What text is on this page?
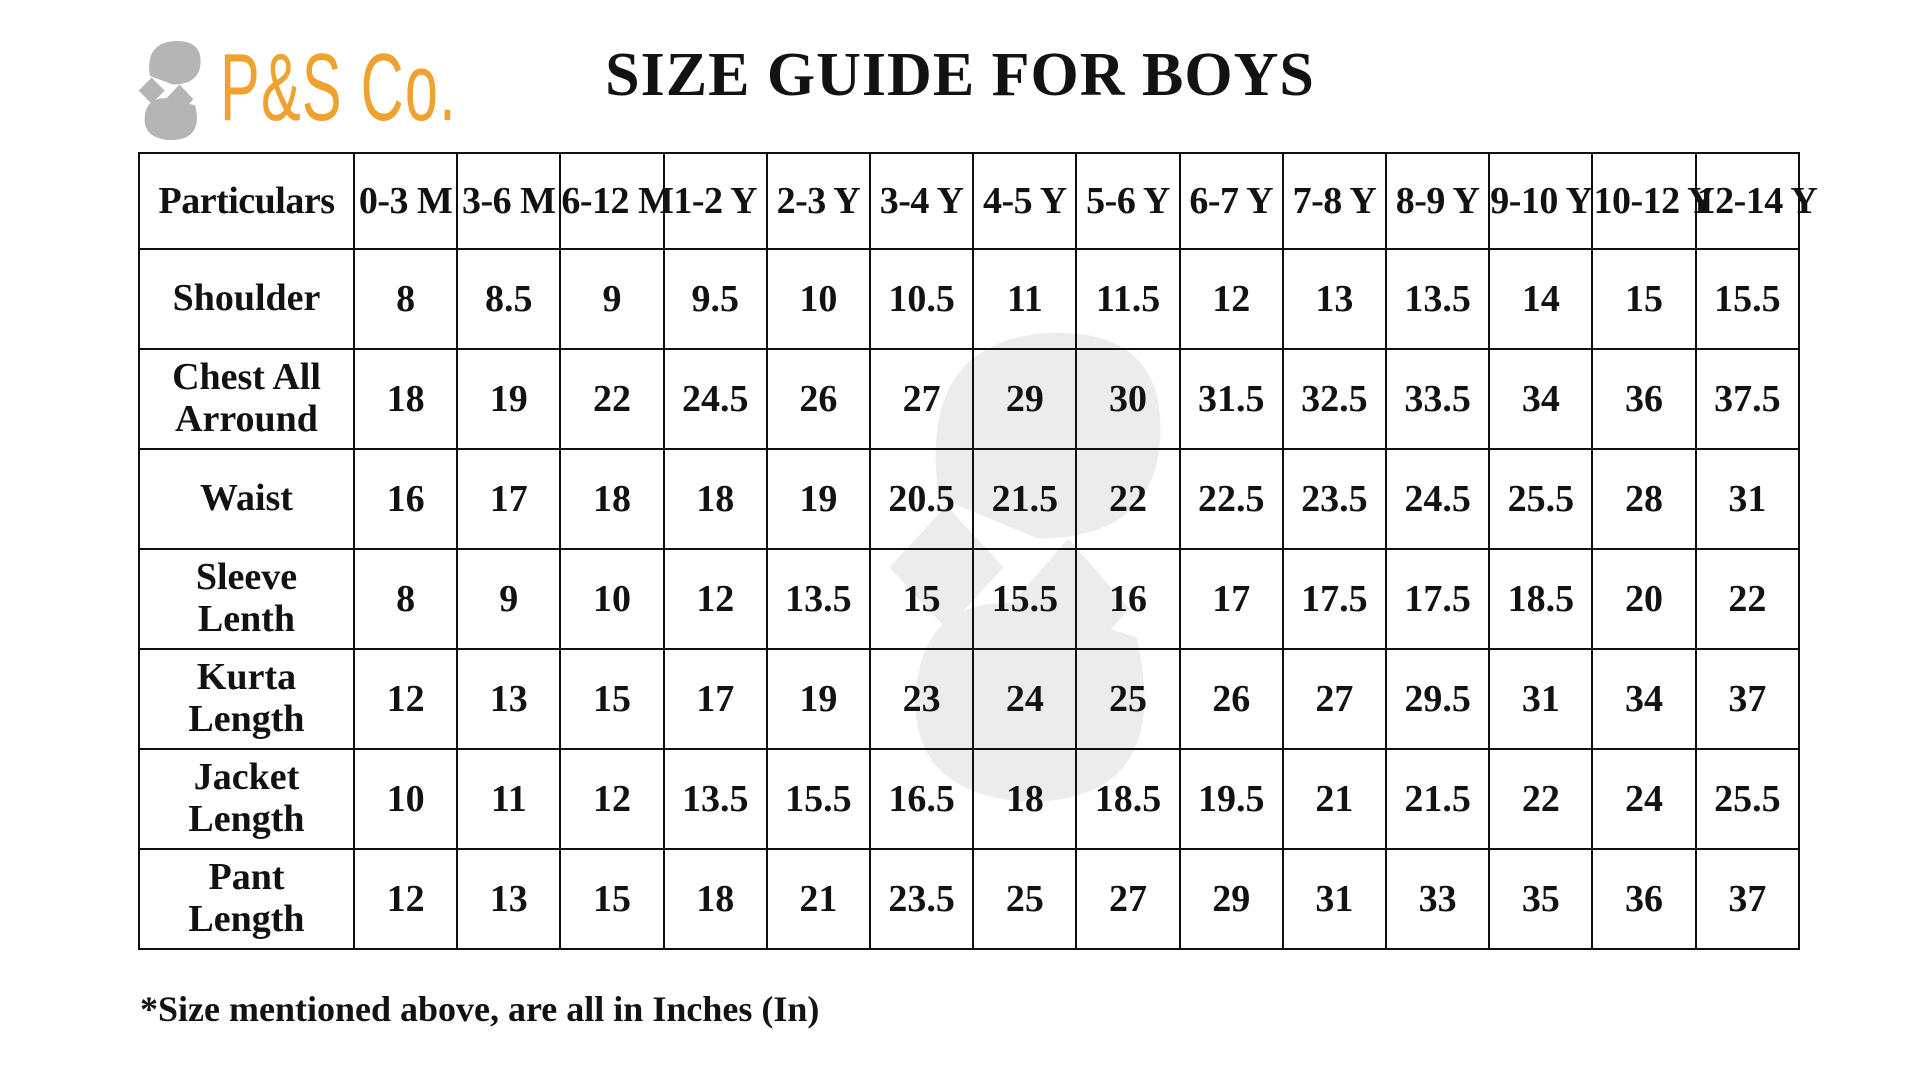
P&S Co.	SIZE GUIDE FOR BOYS
Particulars	0-3 M	3-6 M	6-12 M	1-2 Y	2-3 Y	3-4 Y	4-5 Y	5-6 Y	6-7 Y	7-8 Y	8-9 Y	9-10 Y	10-12 Y	12-14 Y
Shoulder	8	8.5	9	9.5	10	10.5	11	11.5	12	13	13.5	14	15	15.5
Chest All Arround	18	19	22	24.5	26	27	29	30	31.5	32.5	33.5	34	36	37.5
Waist	16	17	18	18	19	20.5	21.5	22	22.5	23.5	24.5	25.5	28	31
Sleeve Lenth	8	9	10	12	13.5	15	15.5	16	17	17.5	17.5	18.5	20	22
Kurta Length	12	13	15	17	19	23	24	25	26	27	29.5	31	34	37
Jacket Length	10	11	12	13.5	15.5	16.5	18	18.5	19.5	21	21.5	22	24	25.5
Pant Length	12	13	15	18	21	23.5	25	27	29	31	33	35	36	37

*Size mentioned above, are all in Inches (In)
